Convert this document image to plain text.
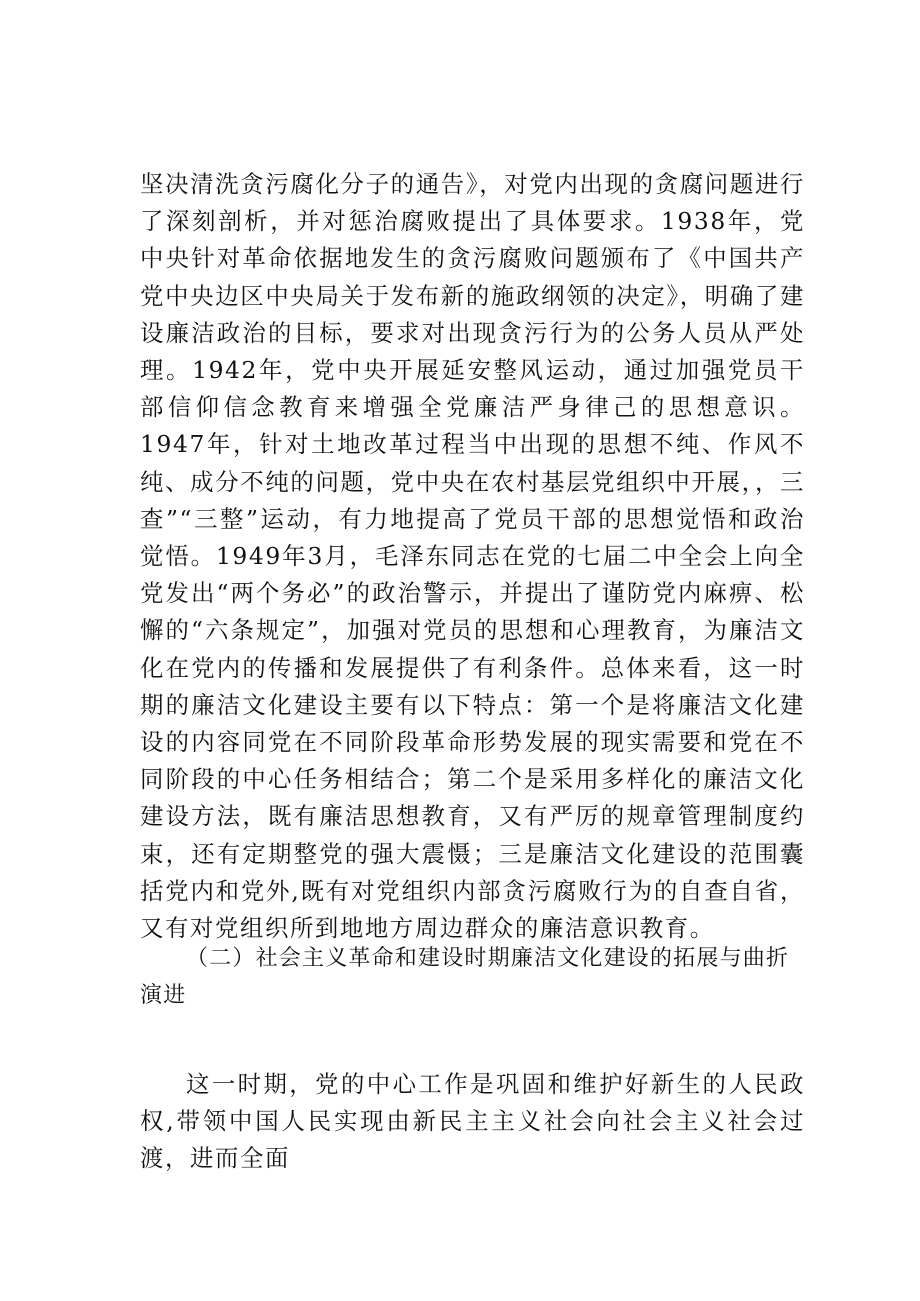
坚决清洗贪污腐化分子的通告》，对党内出现的贪腐问题进行了深刻剖析，并对惩治腐败提出了具体要求。1938年，党中央针对革命依据地发生的贪污腐败问题颁布了《中国共产党中央边区中央局关于发布新的施政纲领的决定》，明确了建设廉洁政治的目标，要求对出现贪污行为的公务人员从严处理。1942年，党中央开展延安整风运动，通过加强党员干部信仰信念教育来增强全党廉洁严身律己的思想意识。1947年，针对土地改革过程当中出现的思想不纯、作风不纯、成分不纯的问题，党中央在农村基层党组织中开展，，三查”“三整”运动，有力地提高了党员干部的思想觉悟和政治觉悟。1949年3月，毛泽东同志在党的七届二中全会上向全党发出“两个务必”的政治警示，并提出了谨防党内麻痹、松懈的“六条规定”，加强对党员的思想和心理教育，为廉洁文化在党内的传播和发展提供了有利条件。总体来看，这一时期的廉洁文化建设主要有以下特点：第一个是将廉洁文化建设的内容同党在不同阶段革命形势发展的现实需要和党在不同阶段的中心任务相结合；第二个是采用多样化的廉洁文化建设方法，既有廉洁思想教育，又有严厉的规章管理制度约束，还有定期整党的强大震慑；三是廉洁文化建设的范围囊括党内和党外,既有对党组织内部贪污腐败行为的自查自省，又有对党组织所到地地方周边群众的廉洁意识教育。

（二）社会主义革命和建设时期廉洁文化建设的拓展与曲折演进

这一时期，党的中心工作是巩固和维护好新生的人民政权,带领中国人民实现由新民主主义社会向社会主义社会过渡，进而全面
